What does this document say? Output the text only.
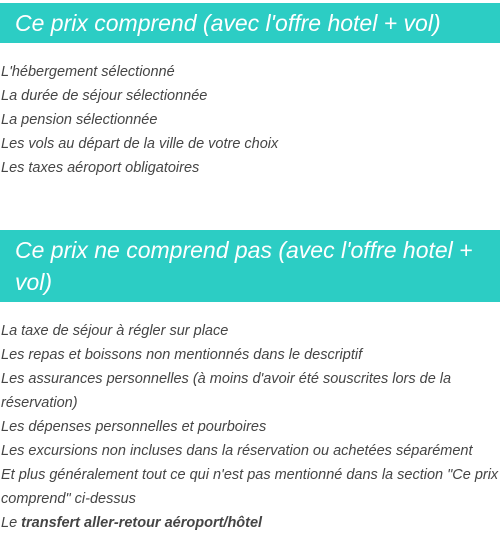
Ce prix comprend (avec l'offre hotel + vol)
L'hébergement sélectionné
La durée de séjour sélectionnée
La pension sélectionnée
Les vols au départ de la ville de votre choix
Les taxes aéroport obligatoires
Ce prix ne comprend pas (avec l'offre hotel + vol)
La taxe de séjour à régler sur place
Les repas et boissons non mentionnés dans le descriptif
Les assurances personnelles (à moins d'avoir été souscrites lors de la réservation)
Les dépenses personnelles et pourboires
Les excursions non incluses dans la réservation ou achetées séparément
Et plus généralement tout ce qui n'est pas mentionné dans la section "Ce prix comprend" ci-dessus
Le transfert aller-retour aéroport/hôtel
